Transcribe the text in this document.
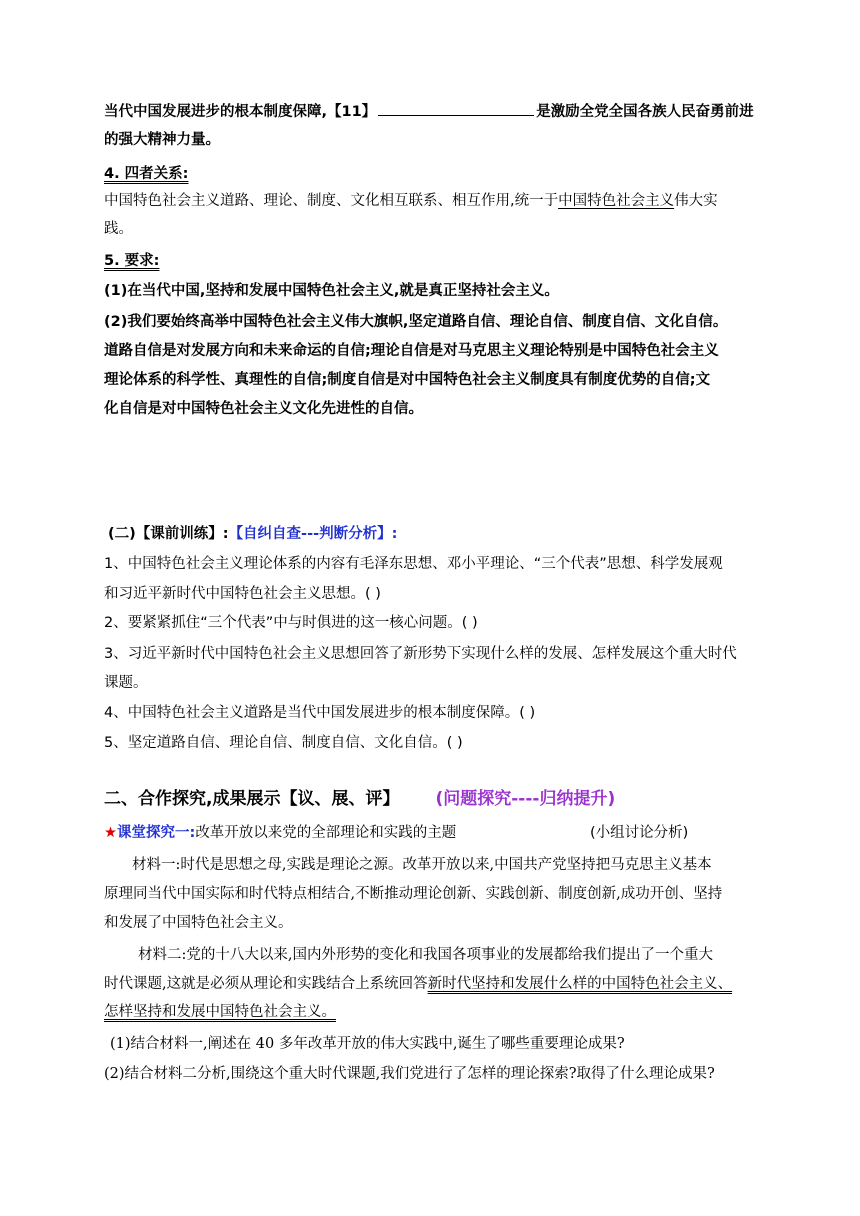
当代中国发展进步的根本制度保障,【11】	是激励全党全国各族人民奋勇前进
的强大精神力量。
4. 四者关系:
中国特色社会主义道路、理论、制度、文化相互联系、相互作用,统一于中国特色社会主义伟大实
践。
5. 要求:
(1)在当代中国,坚持和发展中国特色社会主义,就是真正坚持社会主义。
(2)我们要始终高举中国特色社会主义伟大旗帜,坚定道路自信、理论自信、制度自信、文化自信。
道路自信是对发展方向和未来命运的自信;理论自信是对马克思主义理论特别是中国特色社会主义
理论体系的科学性、真理性的自信;制度自信是对中国特色社会主义制度具有制度优势的自信;文
化自信是对中国特色社会主义文化先进性的自信。
(二)【课前训练】:【自纠自查---判断分析】:
1、中国特色社会主义理论体系的内容有毛泽东思想、邓小平理论、“三个代表”思想、科学发展观
和习近平新时代中国特色社会主义思想。( )
2、要紧紧抓住“三个代表”中与时俱进的这一核心问题。( )
3、习近平新时代中国特色社会主义思想回答了新形势下实现什么样的发展、怎样发展这个重大时代
课题。
4、中国特色社会主义道路是当代中国发展进步的根本制度保障。( )
5、坚定道路自信、理论自信、制度自信、文化自信。( )
二、合作探究,成果展示【议、展、评】 (问题探究----归纳提升)
★课堂探究一:改革开放以来党的全部理论和实践的主题	(小组讨论分析)
材料一:时代是思想之母,实践是理论之源。改革开放以来,中国共产党坚持把马克思主义基本
原理同当代中国实际和时代特点相结合,不断推动理论创新、实践创新、制度创新,成功开创、坚持
和发展了中国特色社会主义。
材料二:党的十八大以来,国内外形势的变化和我国各项事业的发展都给我们提出了一个重大
时代课题,这就是必须从理论和实践结合上系统回答新时代坚持和发展什么样的中国特色社会主义、
怎样坚持和发展中国特色社会主义。
(1)结合材料一,阐述在 40 多年改革开放的伟大实践中,诞生了哪些重要理论成果?
(2)结合材料二分析,围绕这个重大时代课题,我们党进行了怎样的理论探索?取得了什么理论成果?
